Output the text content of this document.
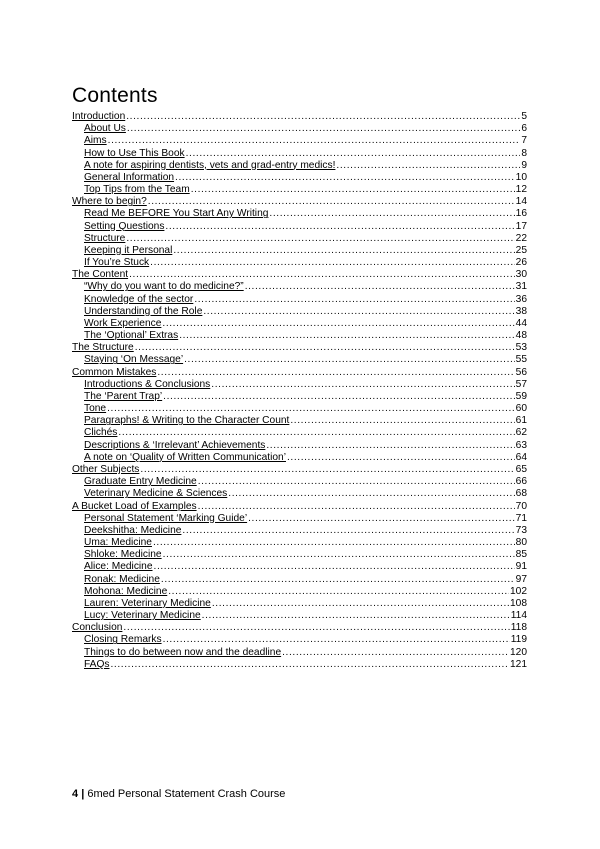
Contents
Introduction .....	5
About Us .....	6
Aims .....	7
How to Use This Book .....	8
A note for aspiring dentists, vets and grad-entry medics! .....	9
General Information .....	10
Top Tips from the Team .....	12
Where to begin? .....	14
Read Me BEFORE You Start Any Writing .....	16
Setting Questions .....	17
Structure .....	22
Keeping it Personal .....	25
If You’re Stuck .....	26
The Content .....	30
“Why do you want to do medicine?” .....	31
Knowledge of the sector .....	36
Understanding of the Role .....	38
Work Experience .....	44
The ‘Optional’ Extras .....	48
The Structure .....	53
Staying ‘On Message’ .....	55
Common Mistakes .....	56
Introductions & Conclusions .....	57
The ‘Parent Trap’ .....	59
Tone .....	60
Paragraphs! & Writing to the Character Count .....	61
Clichés .....	62
Descriptions & ‘Irrelevant’ Achievements .....	63
A note on ‘Quality of Written Communication’ .....	64
Other Subjects .....	65
Graduate Entry Medicine .....	66
Veterinary Medicine & Sciences .....	68
A Bucket Load of Examples .....	70
Personal Statement ‘Marking Guide’ .....	71
Deekshitha: Medicine .....	73
Uma: Medicine .....	80
Shloke: Medicine .....	85
Alice: Medicine .....	91
Ronak: Medicine .....	97
Mohona: Medicine .....	102
Lauren: Veterinary Medicine .....	108
Lucy: Veterinary Medicine .....	114
Conclusion .....	118
Closing Remarks .....	119
Things to do between now and the deadline .....	120
FAQs .....	121
4 | 6med Personal Statement Crash Course
